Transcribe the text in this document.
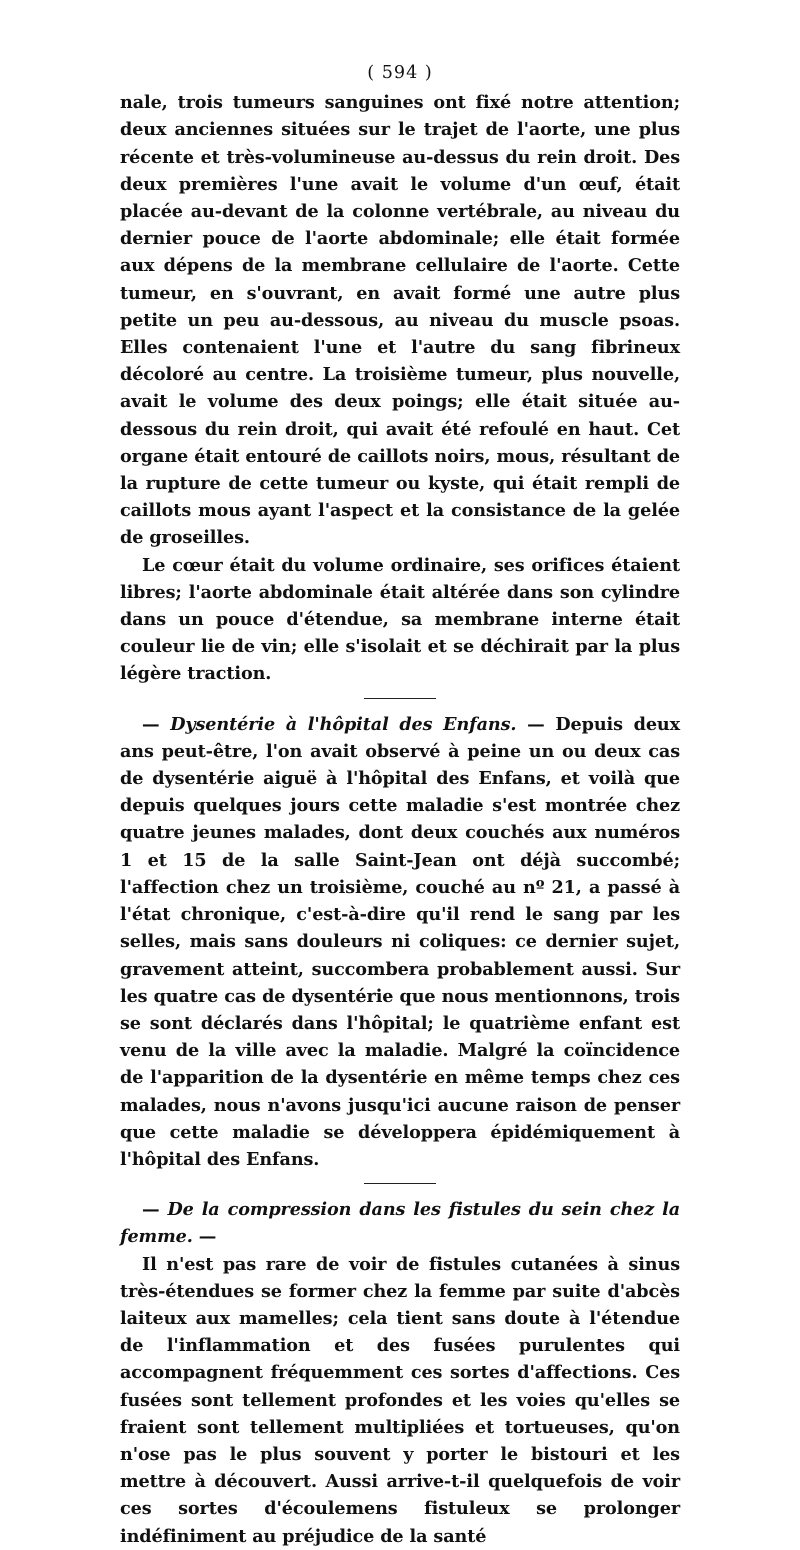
( 594 )

nale, trois tumeurs sanguines ont fixé notre attention; deux anciennes situées sur le trajet de l'aorte, une plus récente et très-volumineuse au-dessus du rein droit. Des deux premières l'une avait le volume d'un œuf, était placée au-devant de la colonne vertébrale, au niveau du dernier pouce de l'aorte abdominale; elle était formée aux dépens de la membrane cellulaire de l'aorte. Cette tumeur, en s'ouvrant, en avait formé une autre plus petite un peu au-dessous, au niveau du muscle psoas. Elles contenaient l'une et l'autre du sang fibrineux décoloré au centre. La troisième tumeur, plus nouvelle, avait le volume des deux poings; elle était située au-dessous du rein droit, qui avait été refoulé en haut. Cet organe était entouré de caillots noirs, mous, résultant de la rupture de cette tumeur ou kyste, qui était rempli de caillots mous ayant l'aspect et la consistance de la gelée de groseilles.

Le cœur était du volume ordinaire, ses orifices étaient libres; l'aorte abdominale était altérée dans son cylindre dans un pouce d'étendue, sa membrane interne était couleur lie de vin; elle s'isolait et se déchirait par la plus légère traction.

— Dysentérie à l'hôpital des Enfans. — Depuis deux ans peut-être, l'on avait observé à peine un ou deux cas de dysentérie aiguë à l'hôpital des Enfans, et voilà que depuis quelques jours cette maladie s'est montrée chez quatre jeunes malades, dont deux couchés aux numéros 1 et 15 de la salle Saint-Jean ont déjà succombé; l'affection chez un troisième, couché au nº 21, a passé à l'état chronique, c'est-à-dire qu'il rend le sang par les selles, mais sans douleurs ni coliques: ce dernier sujet, gravement atteint, succombera probablement aussi. Sur les quatre cas de dysentérie que nous mentionnons, trois se sont déclarés dans l'hôpital; le quatrième enfant est venu de la ville avec la maladie. Malgré la coïncidence de l'apparition de la dysentérie en même temps chez ces malades, nous n'avons jusqu'ici aucune raison de penser que cette maladie se développera épidémiquement à l'hôpital des Enfans.

— De la compression dans les fistules du sein chez la femme. —

Il n'est pas rare de voir de fistules cutanées à sinus très-étendues se former chez la femme par suite d'abcès laiteux aux mamelles; cela tient sans doute à l'étendue de l'inflammation et des fusées purulentes qui accompagnent fréquemment ces sortes d'affections. Ces fusées sont tellement profondes et les voies qu'elles se fraient sont tellement multipliées et tortueuses, qu'on n'ose pas le plus souvent y porter le bistouri et les mettre à découvert. Aussi arrive-t-il quelquefois de voir ces sortes d'écoulemens fistuleux se prolonger indéfiniment au préjudice de la santé
